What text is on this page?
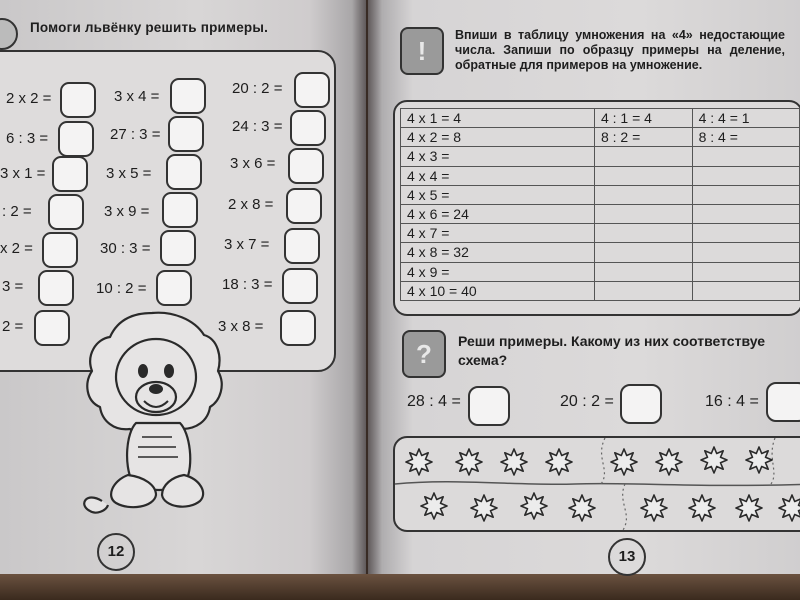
Помоги львёнку решить примеры.
2 x 2 =
6 : 3 =
3 x 1 =
: 2 =
x 2 =
3 =
2 =
3 x 4 =
27 : 3 =
3 x 5 =
3 x 9 =
30 : 3 =
10 : 2 =
20 : 2 =
24 : 3 =
3 x 6 =
2 x 8 =
3 x 7 =
18 : 3 =
3 x 8 =
12
!
Впиши в таблицу умножения на «4» недостающие числа. Запиши по образцу примеры на деление, обратные для примеров на умножение.
4 x 1 = 4	4 : 1 = 4	4 : 4 = 1
4 x 2 = 8	8 : 2 =	8 : 4 =
4 x 3 =		
4 x 4 =		
4 x 5 =		
4 x 6 = 24		
4 x 7 =		
4 x 8 = 32		
4 x 9 =		
4 x 10 = 40		
?	Реши примеры. Какому из них соответствуе
схема?
28 : 4 =	20 : 2 =	16 : 4 =
13
